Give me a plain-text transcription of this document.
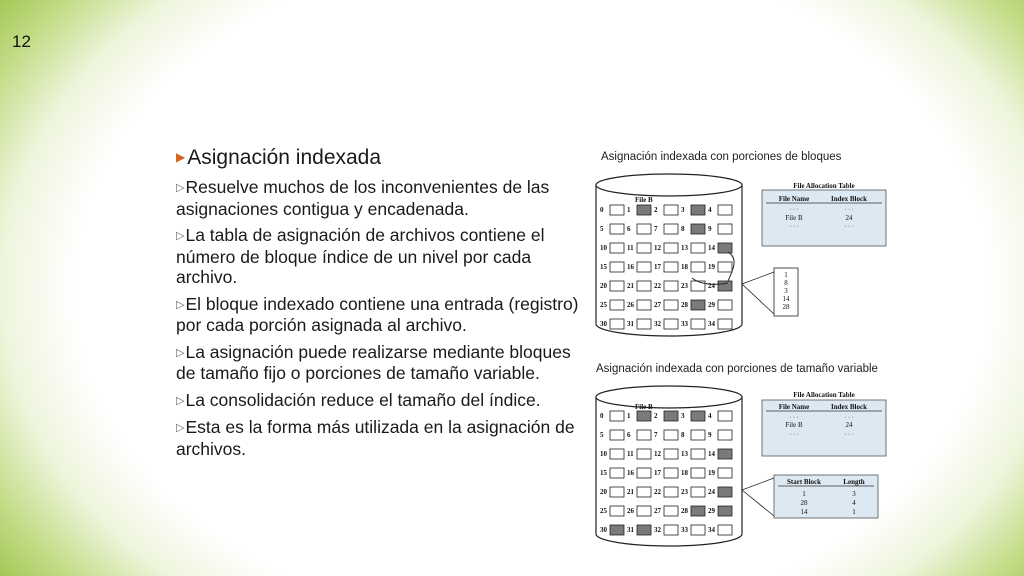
12
▶Asignación indexada
▷Resuelve muchos de los inconvenientes de las asignaciones contigua y encadenada.
▷La tabla de asignación de archivos contiene el número de bloque índice de un nivel por cada archivo.
▷El bloque indexado contiene una entrada (registro) por cada porción asignada al archivo.
▷La asignación puede realizarse mediante bloques de tamaño fijo o porciones de tamaño variable.
▷La consolidación reduce el tamaño del índice.
▷Esta es la forma más utilizada en la asignación de archivos.
Asignación indexada con porciones de bloques
Asignación indexada con porciones de tamaño variable
File B
0	1	2	3	4
5	6	7	8	9
10	11	12	13	14
15	16	17	18	19
20	21	22	23	24
25	26	27	28	29
30	31	32	33	34
File Allocation Table
File Name	Index Block
· · ·	· · ·
File B	24
· · ·	· · ·
1
8
3
14
28
File B
0	1	2	3	4
5	6	7	8	9
10	11	12	13	14
15	16	17	18	19
20	21	22	23	24
25	26	27	28	29
30	31	32	33	34
File Allocation Table
File Name	Index Block
· · ·	· · ·
File B	24
· · ·	· · ·
Start Block	Length
1	3
28	4
14	1
